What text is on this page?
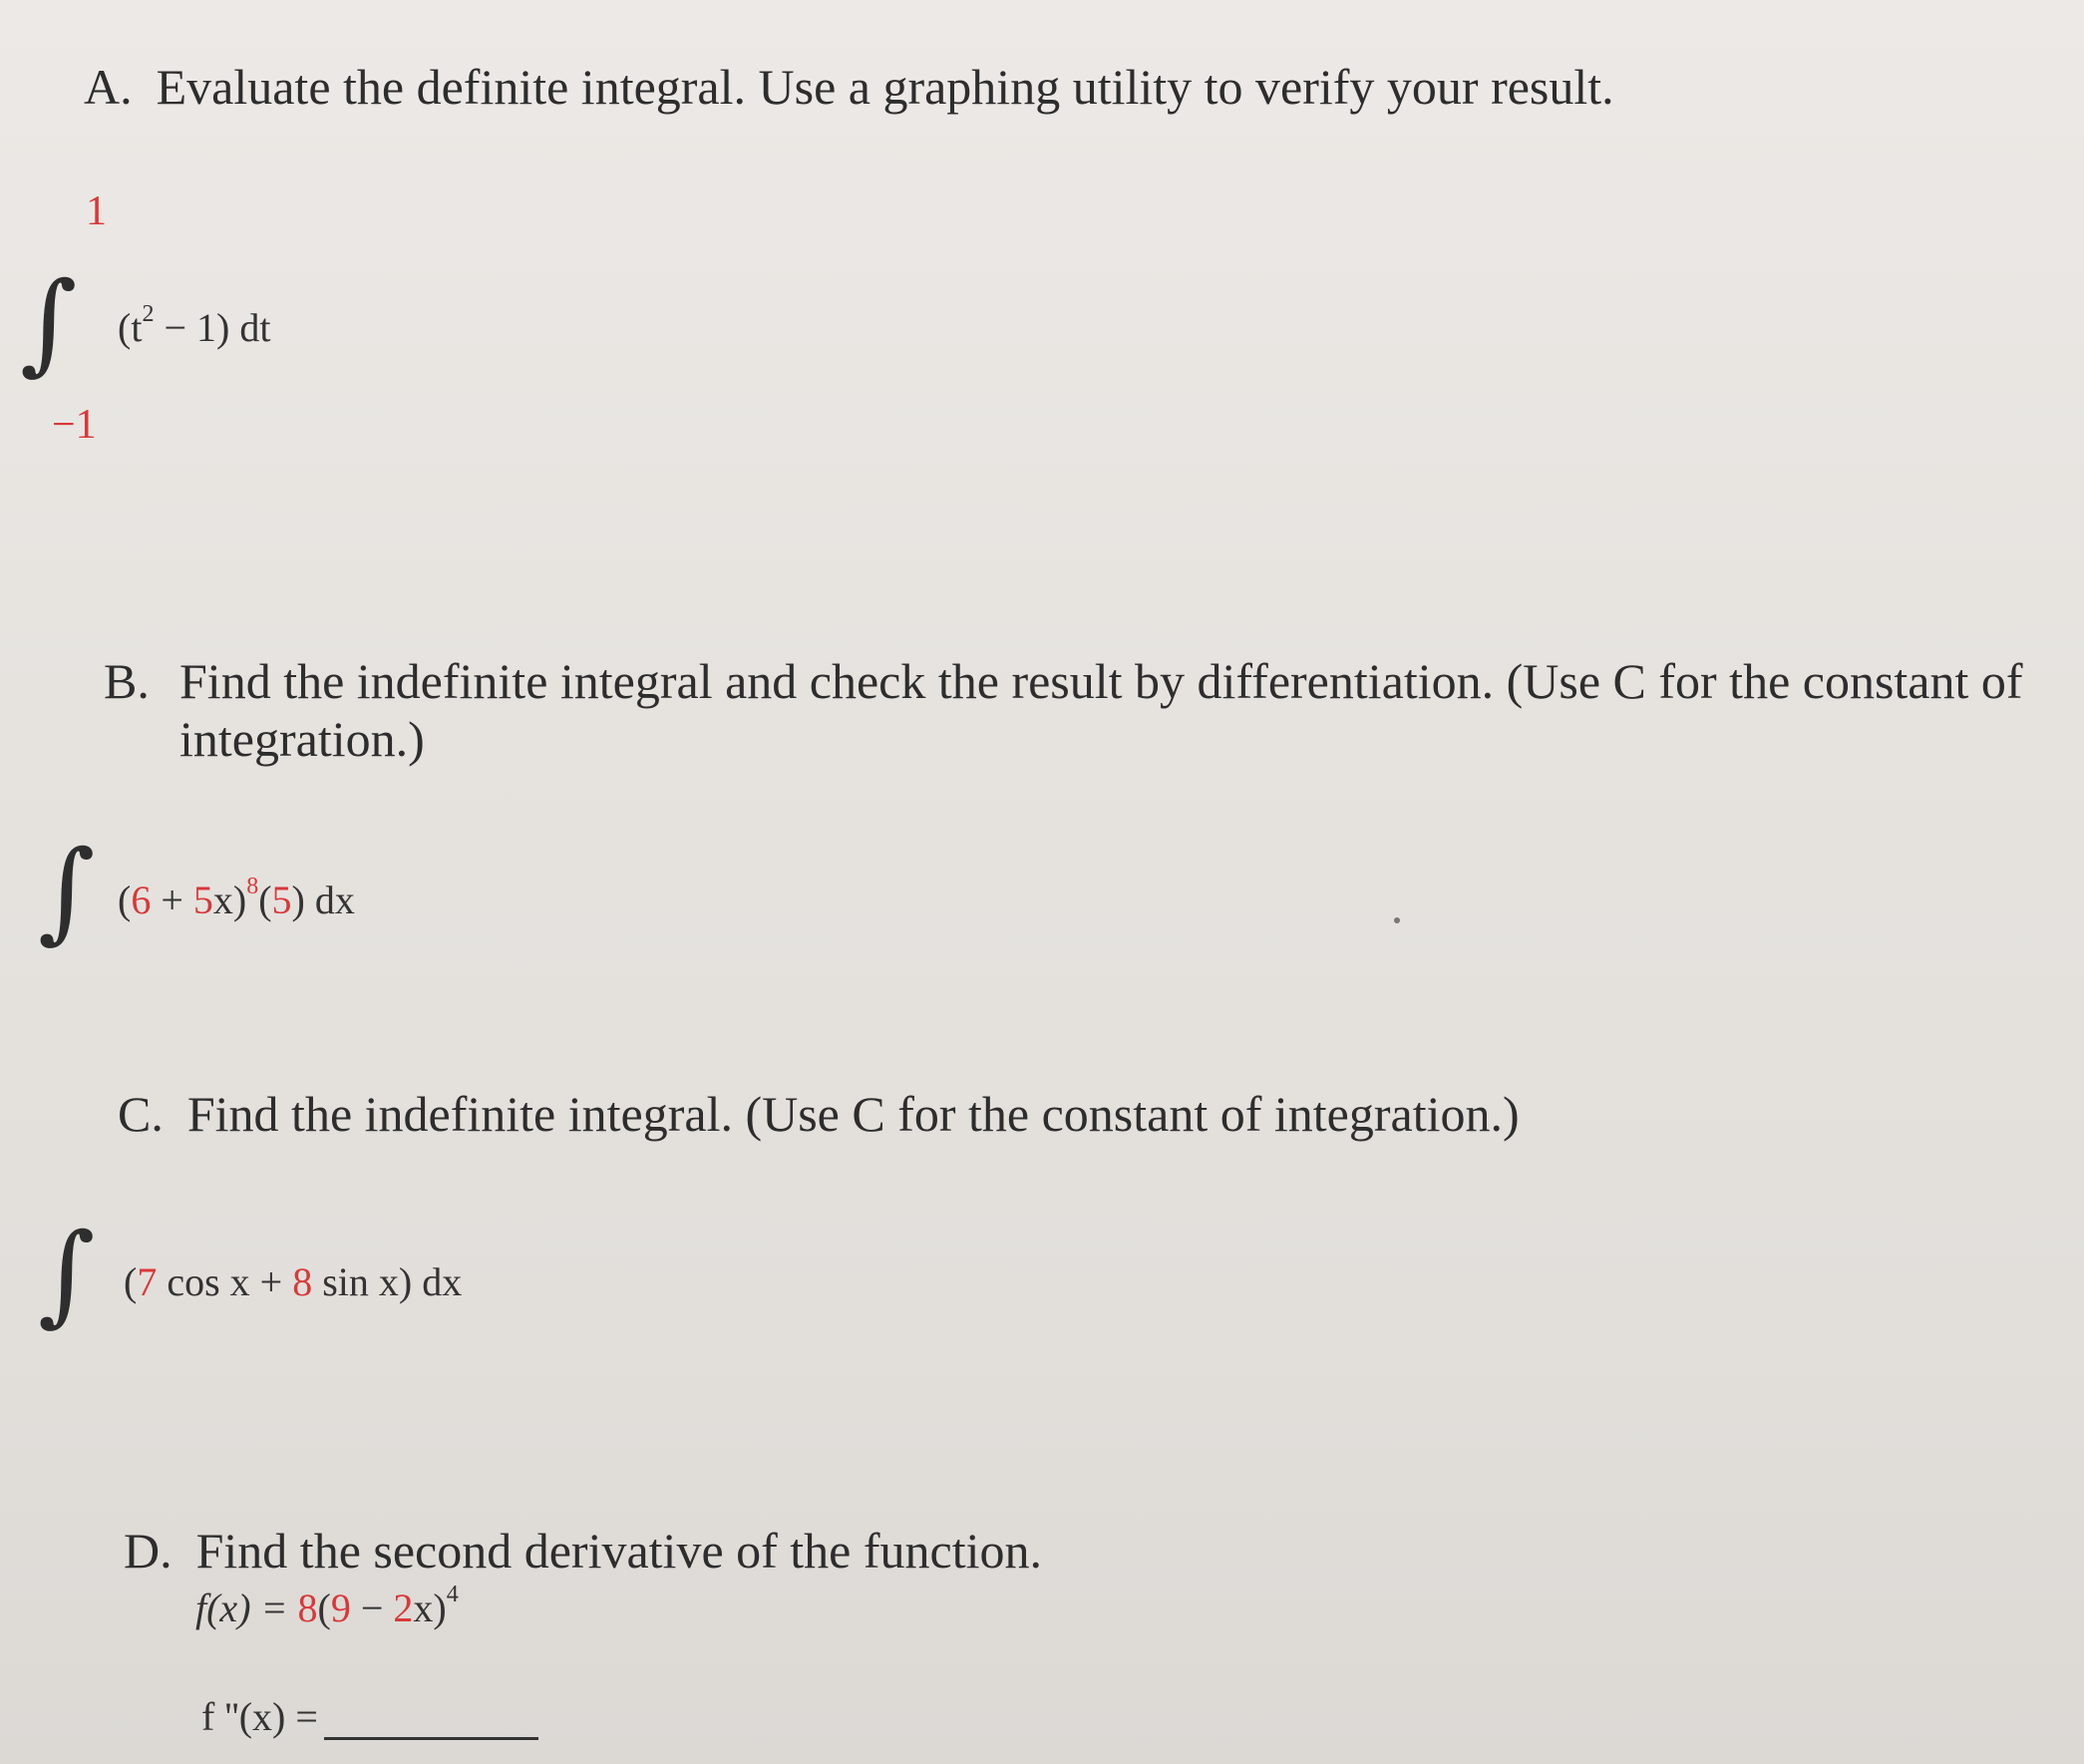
A. Evaluate the definite integral. Use a graphing utility to verify your result.
1
∫ $(t^2 - 1)$ dt
−1
B. Find the indefinite integral and check the result by differentiation. (Use C for the constant of integration.)
∫ $(6 + 5x)^8(5)$ dx
C. Find the indefinite integral. (Use C for the constant of integration.)
∫ (7 cos x + 8 sin x) dx
D. Find the second derivative of the function.
$f(x) = 8(9 - 2x)^4$
f ''(x) =
